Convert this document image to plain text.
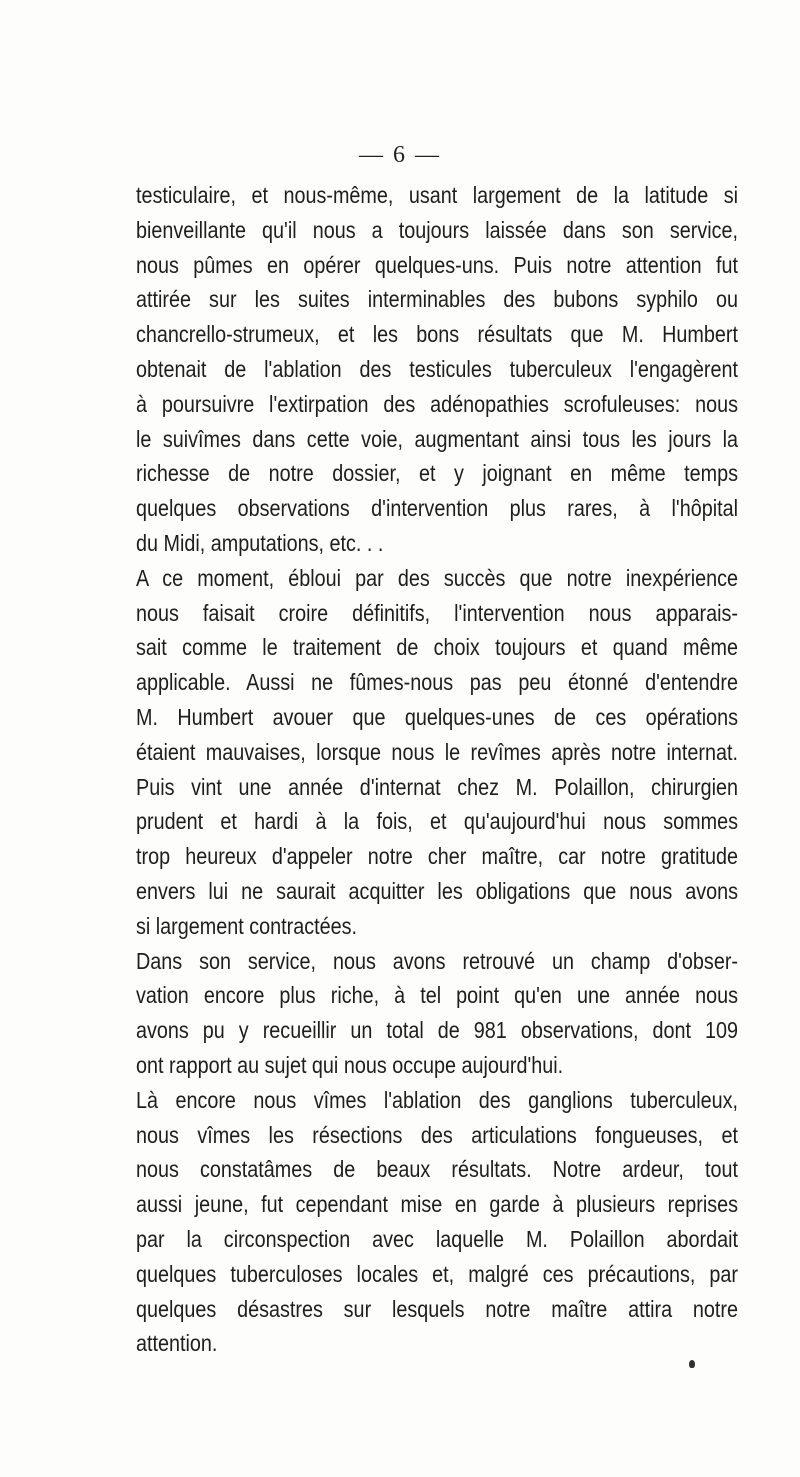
— 6 —
testiculaire, et nous-même, usant largement de la latitude si
bienveillante qu'il nous a toujours laissée dans son service,
nous pûmes en opérer quelques-uns. Puis notre attention fut
attirée sur les suites interminables des bubons syphilo ou
chancrello-strumeux, et les bons résultats que M. Humbert
obtenait de l'ablation des testicules tuberculeux l'engagèrent
à poursuivre l'extirpation des adénopathies scrofuleuses: nous
le suivîmes dans cette voie, augmentant ainsi tous les jours la
richesse de notre dossier, et y joignant en même temps
quelques observations d'intervention plus rares, à l'hôpital
du Midi, amputations, etc. . .
A ce moment, ébloui par des succès que notre inexpérience
nous faisait croire définitifs, l'intervention nous apparais-
sait comme le traitement de choix toujours et quand même
applicable. Aussi ne fûmes-nous pas peu étonné d'entendre
M. Humbert avouer que quelques-unes de ces opérations
étaient mauvaises, lorsque nous le revîmes après notre internat.
Puis vint une année d'internat chez M. Polaillon, chirurgien
prudent et hardi à la fois, et qu'aujourd'hui nous sommes
trop heureux d'appeler notre cher maître, car notre gratitude
envers lui ne saurait acquitter les obligations que nous avons
si largement contractées.
Dans son service, nous avons retrouvé un champ d'obser-
vation encore plus riche, à tel point qu'en une année nous
avons pu y recueillir un total de 981 observations, dont 109
ont rapport au sujet qui nous occupe aujourd'hui.
Là encore nous vîmes l'ablation des ganglions tuberculeux,
nous vîmes les résections des articulations fongueuses, et
nous constatâmes de beaux résultats. Notre ardeur, tout
aussi jeune, fut cependant mise en garde à plusieurs reprises
par la circonspection avec laquelle M. Polaillon abordait
quelques tuberculoses locales et, malgré ces précautions, par
quelques désastres sur lesquels notre maître attira notre
attention.
